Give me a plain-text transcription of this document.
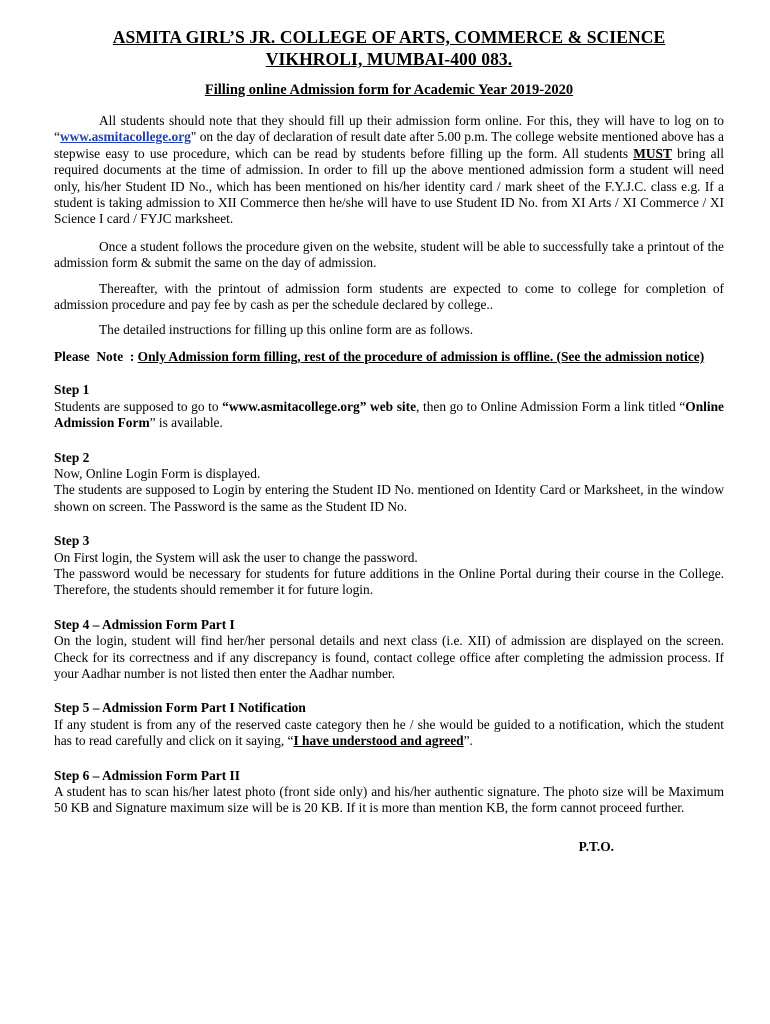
ASMITA GIRL’S JR. COLLEGE OF ARTS, COMMERCE & SCIENCE
VIKHROLI, MUMBAI-400 083.
Filling online Admission form for Academic Year 2019-2020

All students should note that they should fill up their admission form online. For this, they will have to log on to “www.asmitacollege.org" on the day of declaration of result date after 5.00 p.m. The college website mentioned above has a stepwise easy to use procedure, which can be read by students before filling up the form. All students MUST bring all required documents at the time of admission. In order to fill up the above mentioned admission form a student will need only, his/her Student ID No., which has been mentioned on his/her identity card / mark sheet of the F.Y.J.C. class e.g. If a student is taking admission to XII Commerce then he/she will have to use Student ID No. from XI Arts / XI Commerce / XI Science I card / FYJC marksheet.

Once a student follows the procedure given on the website, student will be able to successfully take a printout of the admission form & submit the same on the day of admission.

Thereafter, with the printout of admission form students are expected to come to college for completion of admission procedure and pay fee by cash as per the schedule declared by college..

The detailed instructions for filling up this online form are as follows.

Please  Note  : Only Admission form filling, rest of the procedure of admission is offline. (See the admission notice)
Step 1

Students are supposed to go to “www.asmitacollege.org” web site, then go to Online Admission Form a link titled “Online Admission Form” is available.

Step 2

Now, Online Login Form is displayed.

The students are supposed to Login by entering the Student ID No. mentioned on Identity Card or Marksheet, in the window shown on screen. The Password is the same as the Student ID No.

Step 3

On First login, the System will ask the user to change the password.

The password would be necessary for students for future additions in the Online Portal during their course in the College. Therefore, the students should remember it for future login.

Step 4 – Admission Form Part I

On the login, student will find her/her personal details and next class (i.e. XII) of admission are displayed on the screen. Check for its correctness and if any discrepancy is found, contact college office after completing the admission process. If your Aadhar number is not listed then enter the Aadhar number.

Step 5 – Admission Form Part I Notification

If any student is from any of the reserved caste category then he / she would be guided to a notification, which the student has to read carefully and click on it saying, “I have understood and agreed”.

Step 6 – Admission Form Part II

A student has to scan his/her latest photo (front side only) and his/her authentic signature. The photo size will be Maximum 50 KB and Signature maximum size will be is 20 KB. If it is more than mention KB, the form cannot proceed further.

P.T.O.
